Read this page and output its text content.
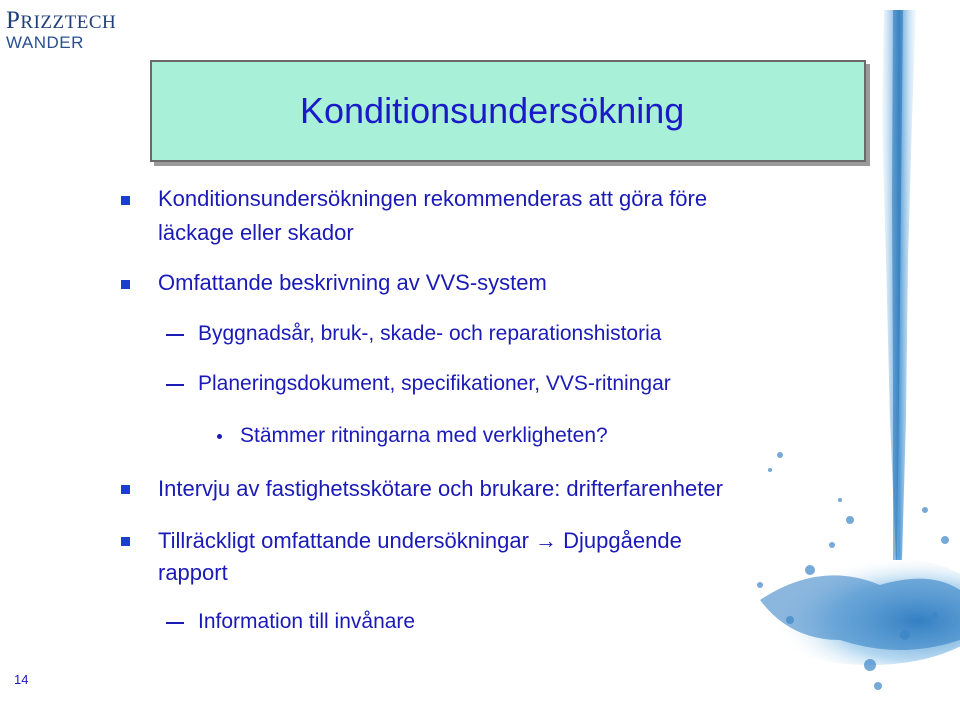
PRIZZTECH
WANDER
Konditionsundersökning
Konditionsundersökningen rekommenderas att göra före
läckage eller skador
Omfattande beskrivning av VVS-system
Byggnadsår, bruk-, skade- och reparationshistoria
Planeringsdokument, specifikationer, VVS-ritningar
Stämmer ritningarna med verkligheten?
Intervju av fastighetsskötare och brukare: drifterfarenheter
Tillräckligt omfattande undersökningar → Djupgående
rapport
Information till invånare
14
